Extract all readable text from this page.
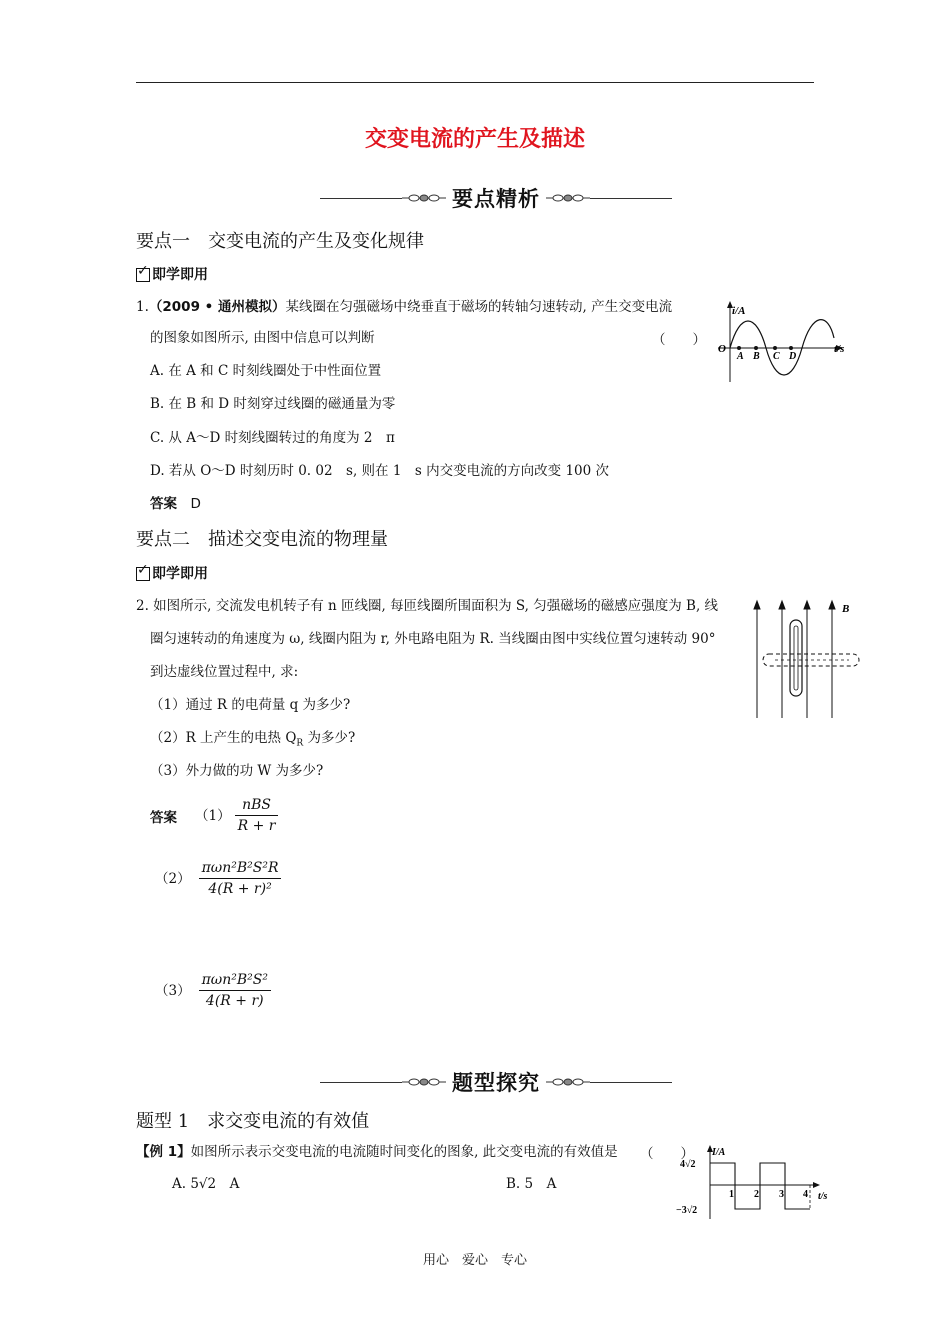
交变电流的产生及描述
要点精析
要点一　交变电流的产生及变化规律
✓即学即用
1.（2009 • 通州模拟）某线圈在匀强磁场中绕垂直于磁场的转轴匀速转动, 产生交变电流
的图象如图所示, 由图中信息可以判断	（　　）
A. 在 A 和 C 时刻线圈处于中性面位置
B. 在 B 和 D 时刻穿过线圈的磁通量为零
C. 从 A～D 时刻线圈转过的角度为 2　π
D. 若从 O～D 时刻历时 0. 02　s, 则在 1　s 内交变电流的方向改变 100 次
答案　 D
i/A
t/s
O
A B C D
要点二　描述交变电流的物理量
✓即学即用
2. 如图所示, 交流发电机转子有 n 匝线圈, 每匝线圈所围面积为 S, 匀强磁场的磁感应强度为 B, 线
圈匀速转动的角速度为 ω, 线圈内阻为 r, 外电路电阻为 R. 当线圈由图中实线位置匀速转动 90°
到达虚线位置过程中, 求:
（1）通过 R 的电荷量 q 为多少?
（2）R 上产生的电热 $Q_R$ 为多少?
（3）外力做的功 W 为多少?
答案 $(1) \frac{\text{nBS}}{R + r}$
$(2) \frac{\text{πωn²B²S²R}}{\text{4(R + r)²}}$
$(3) \frac{\text{πωn²B²S²}}{4(R + r)}$
B
题型探究
题型 1　求交变电流的有效值
【例 1】如图所示表示交变电流的电流随时间变化的图象, 此交变电流的有效值是 （　　）
A. 5√2　A	B. 5　A
I/A
t/s
4√2
−3√2
1 2 3 4
用心　爱心　专心
